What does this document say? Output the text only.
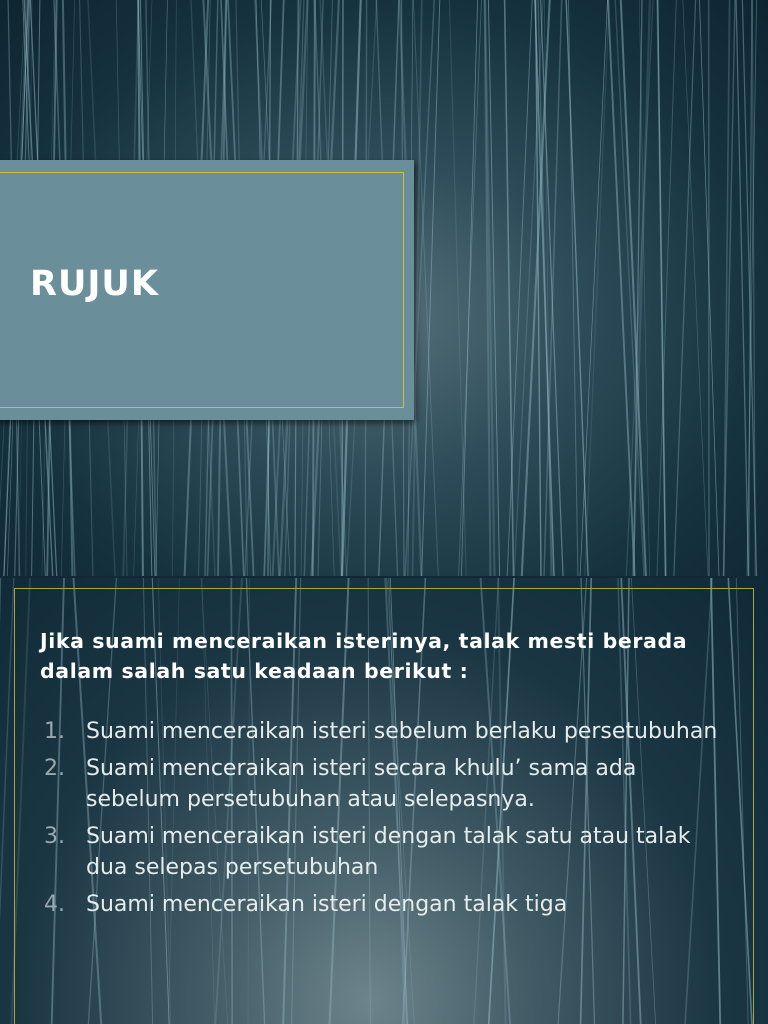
RUJUK

Jika suami menceraikan isterinya, talak mesti berada dalam salah satu keadaan berikut :

1. Suami menceraikan isteri sebelum berlaku persetubuhan
2. Suami menceraikan isteri secara khulu’ sama ada sebelum persetubuhan atau selepasnya.
3. Suami menceraikan isteri dengan talak satu atau talak dua selepas persetubuhan
4. Suami menceraikan isteri dengan talak tiga
